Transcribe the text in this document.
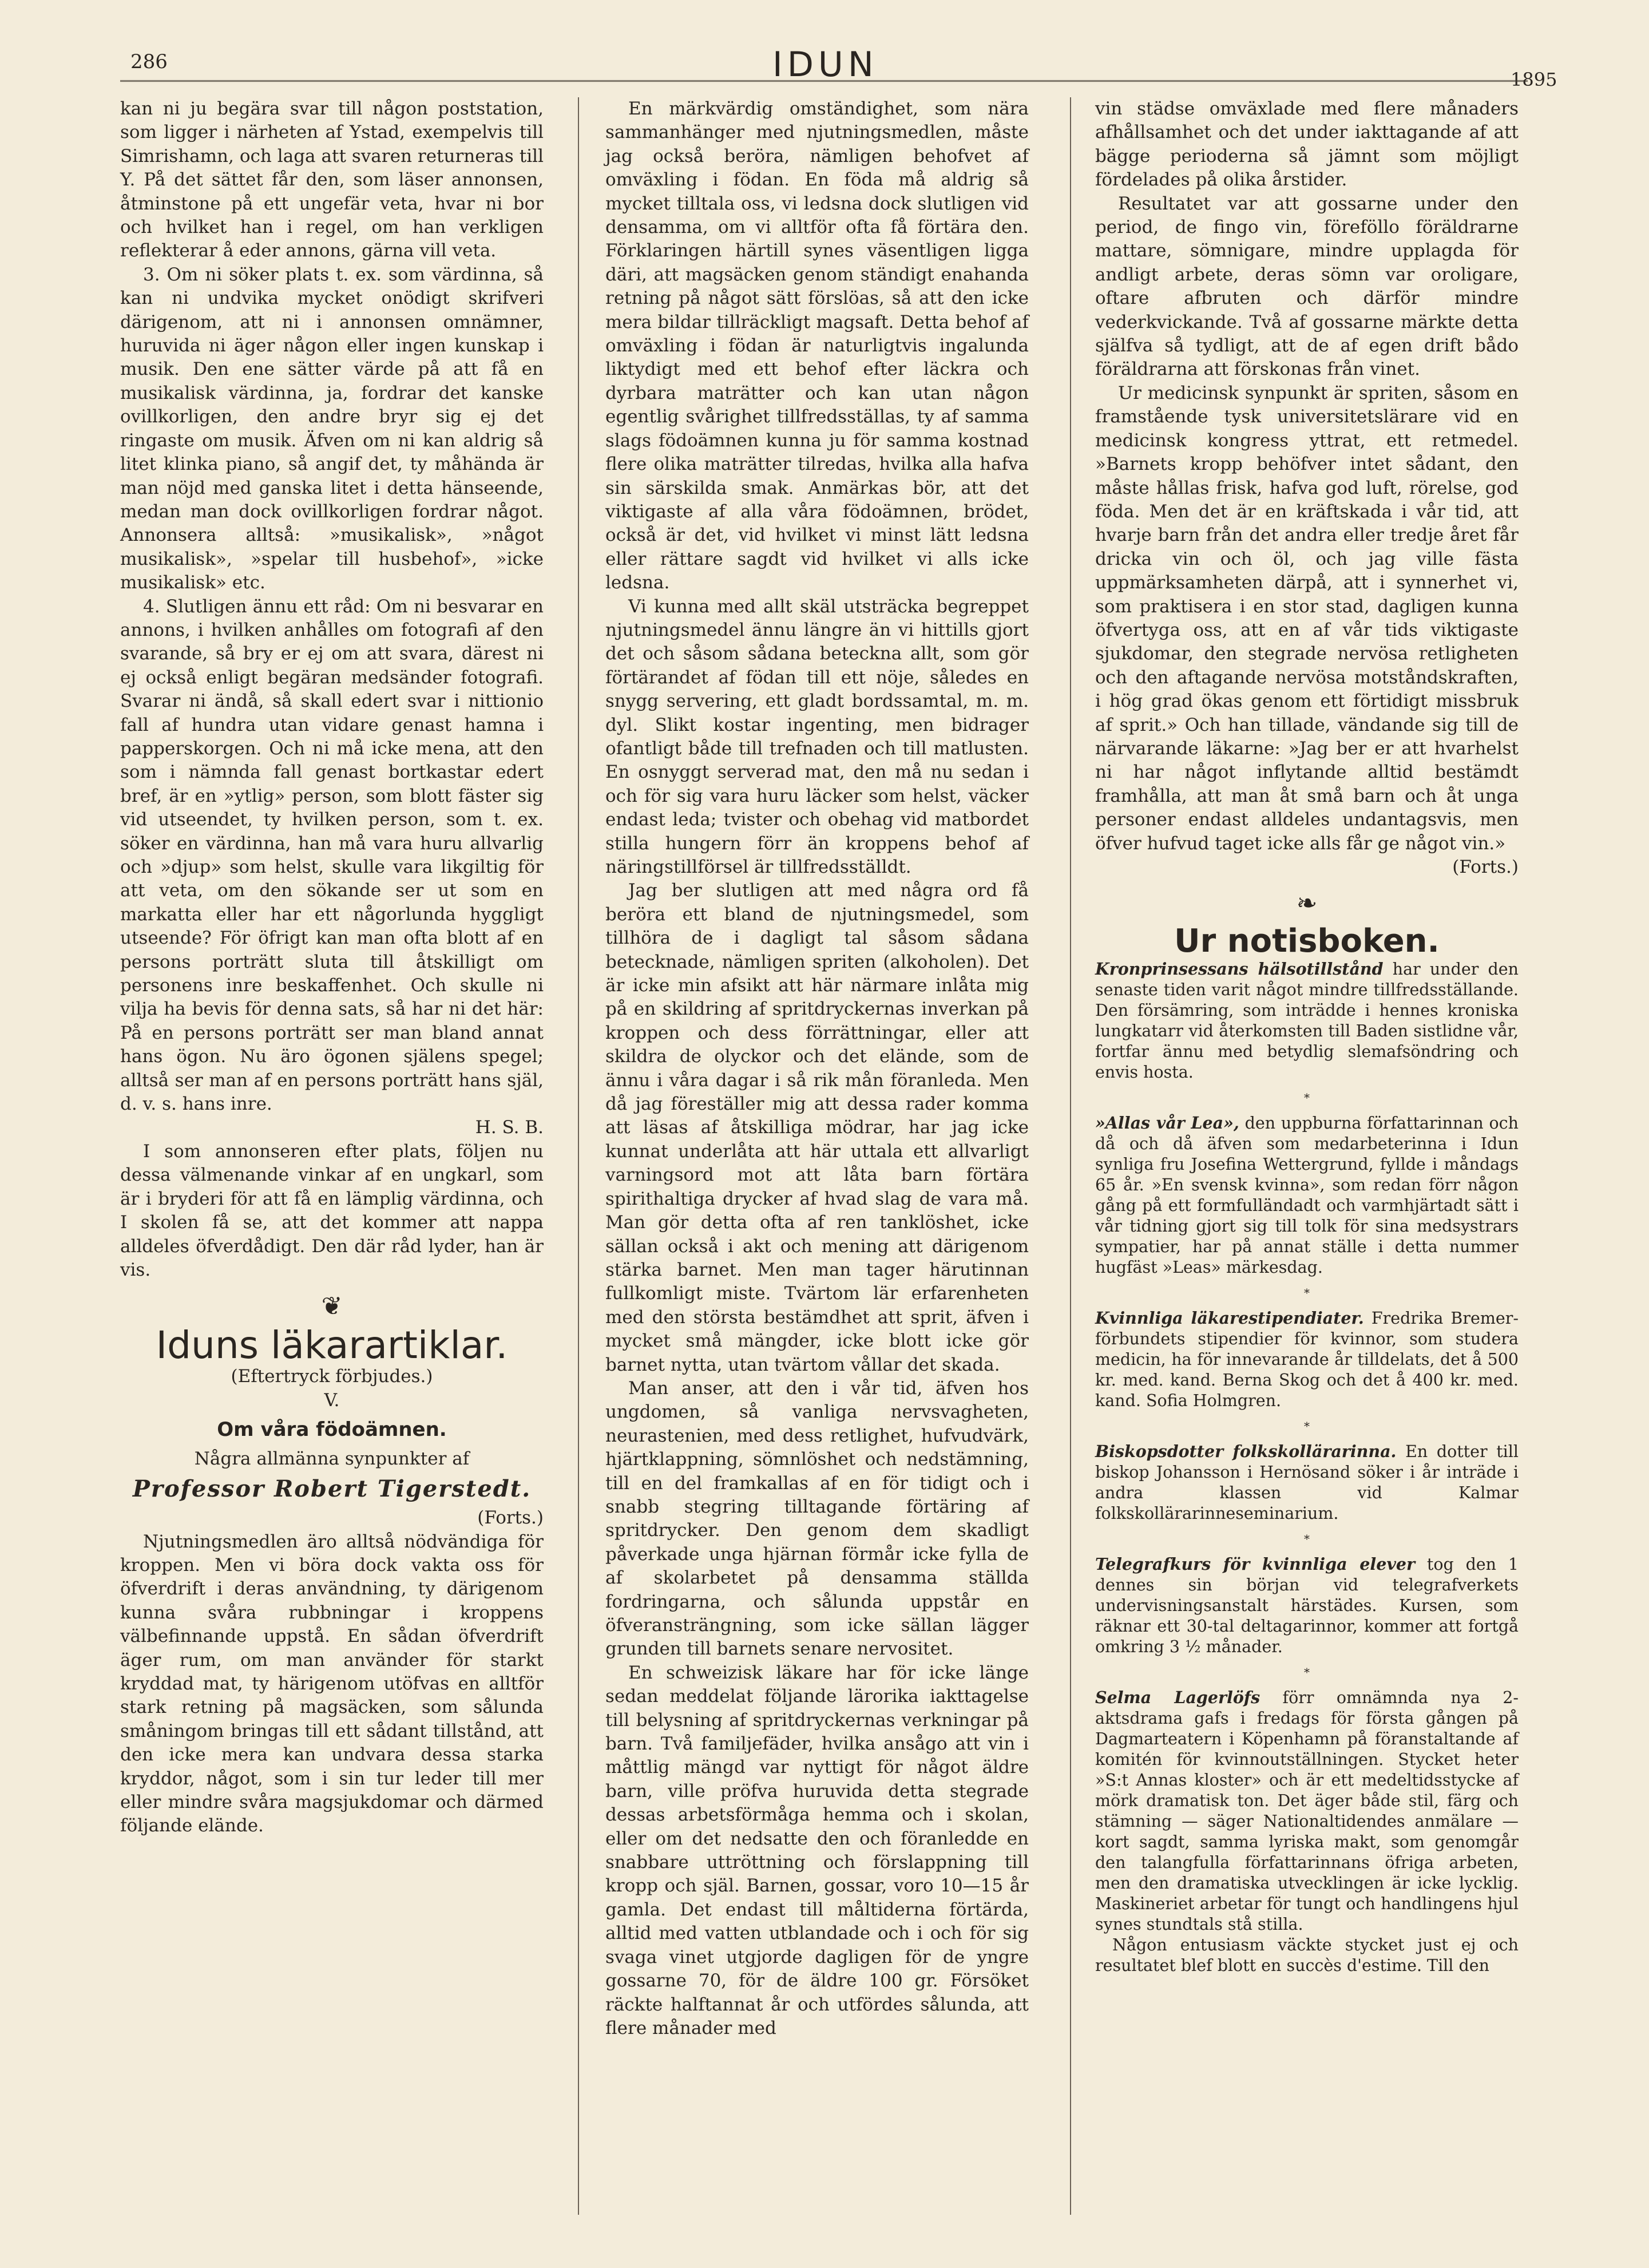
286	IDUN	1895

kan ni ju begära svar till någon poststation, som ligger i närheten af Ystad, exempelvis till Simrishamn, och laga att svaren returneras till Y. På det sättet får den, som läser annonsen, åtminstone på ett ungefär veta, hvar ni bor och hvilket han i regel, om han verkligen reflekterar å eder annons, gärna vill veta.

3. Om ni söker plats t. ex. som värdinna, så kan ni undvika mycket onödigt skrifveri därigenom, att ni i annonsen omnämner, huruvida ni äger någon eller ingen kunskap i musik. Den ene sätter värde på att få en musikalisk värdinna, ja, fordrar det kanske ovillkorligen, den andre bryr sig ej det ringaste om musik. Äfven om ni kan aldrig så litet klinka piano, så angif det, ty måhända är man nöjd med ganska litet i detta hänseende, medan man dock ovillkorligen fordrar något. Annonsera alltså: »musikalisk», »något musikalisk», »spelar till husbehof», »icke musikalisk» etc.

4. Slutligen ännu ett råd: Om ni besvarar en annons, i hvilken anhålles om fotografi af den svarande, så bry er ej om att svara, därest ni ej också enligt begäran medsänder fotografi. Svarar ni ändå, så skall edert svar i nittionio fall af hundra utan vidare genast hamna i papperskorgen. Och ni må icke mena, att den som i nämnda fall genast bortkastar edert bref, är en »ytlig» person, som blott fäster sig vid utseendet, ty hvilken person, som t. ex. söker en värdinna, han må vara huru allvarlig och »djup» som helst, skulle vara likgiltig för att veta, om den sökande ser ut som en markatta eller har ett någorlunda hyggligt utseende? För öfrigt kan man ofta blott af en persons porträtt sluta till åtskilligt om personens inre beskaffenhet. Och skulle ni vilja ha bevis för denna sats, så har ni det här: På en persons porträtt ser man bland annat hans ögon. Nu äro ögonen själens spegel; alltså ser man af en persons porträtt hans själ, d. v. s. hans inre.

H. S. B.

I som annonseren efter plats, följen nu dessa välmenande vinkar af en ungkarl, som är i bryderi för att få en lämplig värdinna, och I skolen få se, att det kommer att nappa alldeles öfverdådigt. Den där råd lyder, han är vis.

❦
Iduns läkarartiklar.

(Eftertryck förbjudes.)

V.

Om våra födoämnen.

Några allmänna synpunkter af

Professor Robert Tigerstedt.

(Forts.)

Njutningsmedlen äro alltså nödvändiga för kroppen. Men vi böra dock vakta oss för öfverdrift i deras användning, ty därigenom kunna svåra rubbningar i kroppens välbefinnande uppstå. En sådan öfverdrift äger rum, om man använder för starkt kryddad mat, ty härigenom utöfvas en alltför stark retning på magsäcken, som sålunda småningom bringas till ett sådant tillstånd, att den icke mera kan undvara dessa starka kryddor, något, som i sin tur leder till mer eller mindre svåra magsjukdomar och därmed följande elände.

En märkvärdig omständighet, som nära sammanhänger med njutningsmedlen, måste jag också beröra, nämligen behofvet af omväxling i födan. En föda må aldrig så mycket tilltala oss, vi ledsna dock slutligen vid densamma, om vi alltför ofta få förtära den. Förklaringen härtill synes väsentligen ligga däri, att magsäcken genom ständigt enahanda retning på något sätt förslöas, så att den icke mera bildar tillräckligt magsaft. Detta behof af omväxling i födan är naturligtvis ingalunda liktydigt med ett behof efter läckra och dyrbara maträtter och kan utan någon egentlig svårighet tillfredsställas, ty af samma slags födoämnen kunna ju för samma kostnad flere olika maträtter tilredas, hvilka alla hafva sin särskilda smak. Anmärkas bör, att det viktigaste af alla våra födoämnen, brödet, också är det, vid hvilket vi minst lätt ledsna eller rättare sagdt vid hvilket vi alls icke ledsna.

Vi kunna med allt skäl utsträcka begreppet njutningsmedel ännu längre än vi hittills gjort det och såsom sådana beteckna allt, som gör förtärandet af födan till ett nöje, således en snygg servering, ett gladt bordssamtal, m. m. dyl. Slikt kostar ingenting, men bidrager ofantligt både till trefnaden och till matlusten. En osnyggt serverad mat, den må nu sedan i och för sig vara huru läcker som helst, väcker endast leda; tvister och obehag vid matbordet stilla hungern förr än kroppens behof af näringstillförsel är tillfredsställdt.

Jag ber slutligen att med några ord få beröra ett bland de njutningsmedel, som tillhöra de i dagligt tal såsom sådana betecknade, nämligen spriten (alkoholen). Det är icke min afsikt att här närmare inlåta mig på en skildring af spritdryckernas inverkan på kroppen och dess förrättningar, eller att skildra de olyckor och det elände, som de ännu i våra dagar i så rik mån föranleda. Men då jag föreställer mig att dessa rader komma att läsas af åtskilliga mödrar, har jag icke kunnat underlåta att här uttala ett allvarligt varningsord mot att låta barn förtära spirithaltiga drycker af hvad slag de vara må. Man gör detta ofta af ren tanklöshet, icke sällan också i akt och mening att därigenom stärka barnet. Men man tager härutinnan fullkomligt miste. Tvärtom lär erfarenheten med den största bestämdhet att sprit, äfven i mycket små mängder, icke blott icke gör barnet nytta, utan tvärtom vållar det skada.

Man anser, att den i vår tid, äfven hos ungdomen, så vanliga nervsvagheten, neurastenien, med dess retlighet, hufvudvärk, hjärtklappning, sömnlöshet och nedstämning, till en del framkallas af en för tidigt och i snabb stegring tilltagande förtäring af spritdrycker. Den genom dem skadligt påverkade unga hjärnan förmår icke fylla de af skolarbetet på densamma ställda fordringarna, och sålunda uppstår en öfveransträngning, som icke sällan lägger grunden till barnets senare nervositet.

En schweizisk läkare har för icke länge sedan meddelat följande lärorika iakttagelse till belysning af spritdryckernas verkningar på barn. Två familjefäder, hvilka ansågo att vin i måttlig mängd var nyttigt för något äldre barn, ville pröfva huruvida detta stegrade dessas arbetsförmåga hemma och i skolan, eller om det nedsatte den och föranledde en snabbare uttröttning och förslappning till kropp och själ. Barnen, gossar, voro 10—15 år gamla. Det endast till måltiderna förtärda, alltid med vatten utblandade och i och för sig svaga vinet utgjorde dagligen för de yngre gossarne 70, för de äldre 100 gr. Försöket räckte halftannat år och utfördes sålunda, att flere månader med

vin städse omväxlade med flere månaders afhållsamhet och det under iakttagande af att bägge perioderna så jämnt som möjligt fördelades på olika årstider.

Resultatet var att gossarne under den period, de fingo vin, föreföllo föräldrarne mattare, sömnigare, mindre upplagda för andligt arbete, deras sömn var oroligare, oftare afbruten och därför mindre vederkvickande. Två af gossarne märkte detta själfva så tydligt, att de af egen drift bådo föräldrarna att förskonas från vinet.

Ur medicinsk synpunkt är spriten, såsom en framstående tysk universitetslärare vid en medicinsk kongress yttrat, ett retmedel. »Barnets kropp behöfver intet sådant, den måste hållas frisk, hafva god luft, rörelse, god föda. Men det är en kräftskada i vår tid, att hvarje barn från det andra eller tredje året får dricka vin och öl, och jag ville fästa uppmärksamheten därpå, att i synnerhet vi, som praktisera i en stor stad, dagligen kunna öfvertyga oss, att en af vår tids viktigaste sjukdomar, den stegrade nervösa retligheten och den aftagande nervösa motståndskraften, i hög grad ökas genom ett förtidigt missbruk af sprit.» Och han tillade, vändande sig till de närvarande läkarne: »Jag ber er att hvarhelst ni har något inflytande alltid bestämdt framhålla, att man åt små barn och åt unga personer endast alldeles undantagsvis, men öfver hufvud taget icke alls får ge något vin.»

(Forts.)

❧
Ur notisboken.

Kronprinsessans hälsotillstånd har under den senaste tiden varit något mindre tillfredsställande. Den försämring, som inträdde i hennes kroniska lungkatarr vid återkomsten till Baden sistlidne vår, fortfar ännu med betydlig slemafsöndring och envis hosta.

*

»Allas vår Lea», den uppburna författarinnan och då och då äfven som medarbeterinna i Idun synliga fru Josefina Wettergrund, fyllde i måndags 65 år. »En svensk kvinna», som redan förr någon gång på ett formfulländadt och varmhjärtadt sätt i vår tidning gjort sig till tolk för sina medsystrars sympatier, har på annat ställe i detta nummer hugfäst »Leas» märkesdag.

*

Kvinnliga läkarestipendiater. Fredrika Bremer-förbundets stipendier för kvinnor, som studera medicin, ha för innevarande år tilldelats, det å 500 kr. med. kand. Berna Skog och det å 400 kr. med. kand. Sofia Holmgren.

*

Biskopsdotter folkskollärarinna. En dotter till biskop Johansson i Hernösand söker i år inträde i andra klassen vid Kalmar folkskollärarinneseminarium.

*

Telegrafkurs för kvinnliga elever tog den 1 dennes sin början vid telegrafverkets undervisningsanstalt härstädes. Kursen, som räknar ett 30-tal deltagarinnor, kommer att fortgå omkring 3 ½ månader.

*

Selma Lagerlöfs förr omnämnda nya 2-aktsdrama gafs i fredags för första gången på Dagmarteatern i Köpenhamn på föranstaltande af komitén för kvinnoutställningen. Stycket heter »S:t Annas kloster» och är ett medeltidsstycke af mörk dramatisk ton. Det äger både stil, färg och stämning — säger Nationaltidendes anmälare — kort sagdt, samma lyriska makt, som genomgår den talangfulla författarinnans öfriga arbeten, men den dramatiska utvecklingen är icke lycklig. Maskineriet arbetar för tungt och handlingens hjul synes stundtals stå stilla.

Någon entusiasm väckte stycket just ej och resultatet blef blott en succès d'estime. Till den
